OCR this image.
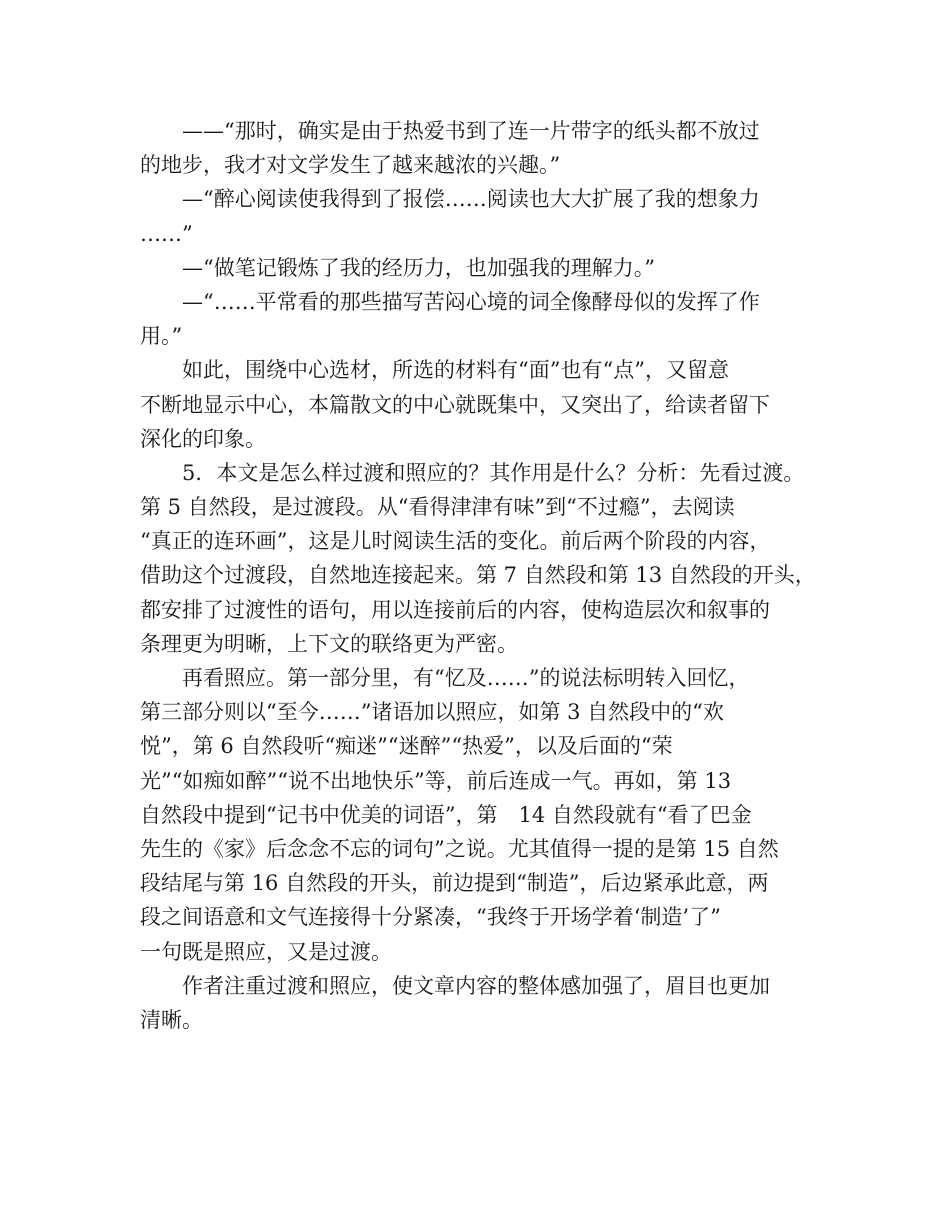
——“那时，确实是由于热爱书到了连一片带字的纸头都不放过
的地步，我才对文学发生了越来越浓的兴趣。”
—“醉心阅读使我得到了报偿……阅读也大大扩展了我的想象力
……”
—“做笔记锻炼了我的经历力，也加强我的理解力。”
—“……平常看的那些描写苦闷心境的词全像酵母似的发挥了作
用。”
如此，围绕中心选材，所选的材料有“面”也有“点”，又留意
不断地显示中心，本篇散文的中心就既集中，又突出了，给读者留下
深化的印象。
5．本文是怎么样过渡和照应的？其作用是什么？分析：先看过渡。
第 5 自然段，是过渡段。从“看得津津有味”到“不过瘾”，去阅读
“真正的连环画”，这是儿时阅读生活的变化。前后两个阶段的内容，
借助这个过渡段，自然地连接起来。第 7 自然段和第 13 自然段的开头，
都安排了过渡性的语句，用以连接前后的内容，使构造层次和叙事的
条理更为明晰，上下文的联络更为严密。
再看照应。第一部分里，有“忆及……”的说法标明转入回忆，
第三部分则以“至今……”诸语加以照应，如第 3 自然段中的“欢
悦”，第 6 自然段听“痴迷”“迷醉”“热爱”，以及后面的“荣
光”“如痴如醉”“说不出地快乐”等，前后连成一气。再如，第 13
自然段中提到“记书中优美的词语”，第　14 自然段就有“看了巴金
先生的《家》后念念不忘的词句”之说。尤其值得一提的是第 15 自然
段结尾与第 16 自然段的开头，前边提到“制造”，后边紧承此意，两
段之间语意和文气连接得十分紧凑，“我终于开场学着‘制造’了”
一句既是照应，又是过渡。
作者注重过渡和照应，使文章内容的整体感加强了，眉目也更加
清晰。
